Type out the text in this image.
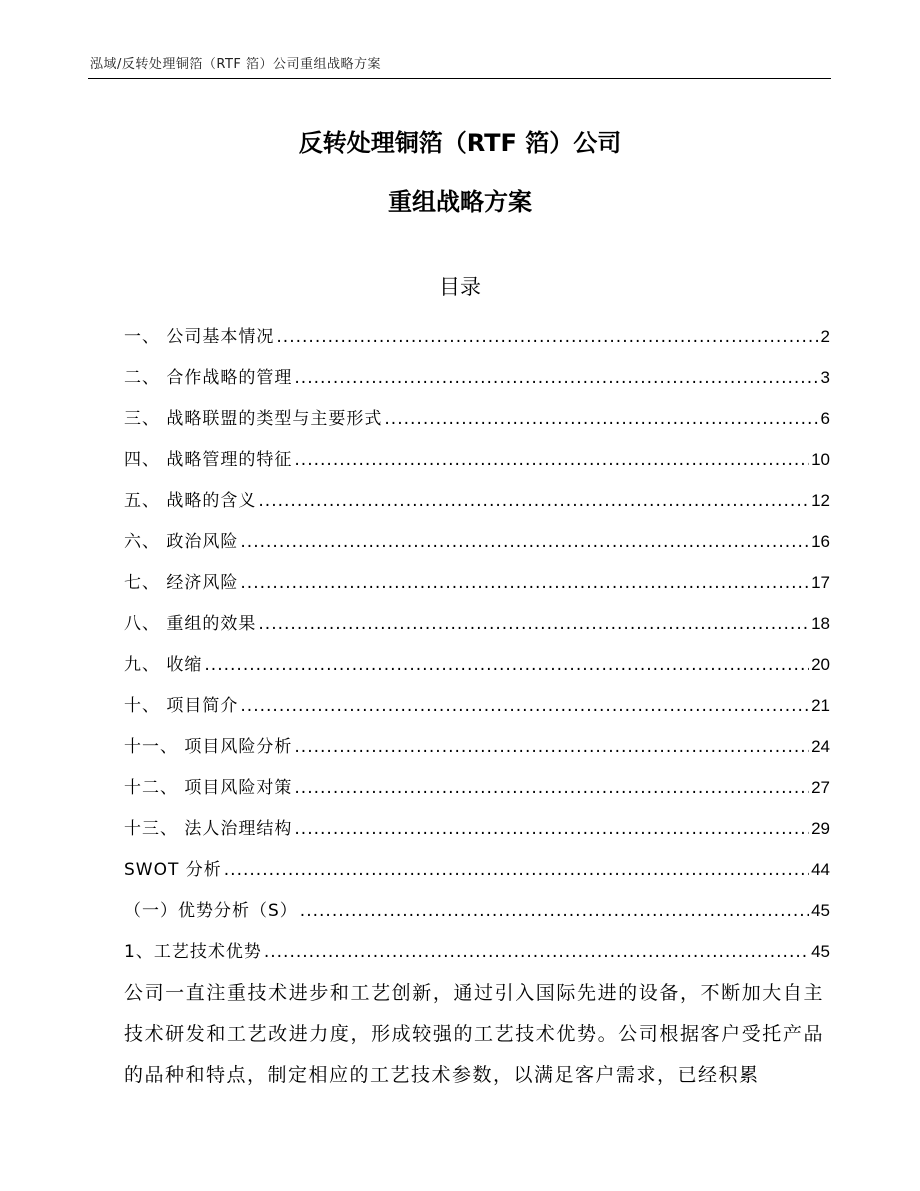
泓域/反转处理铜箔（RTF 箔）公司重组战略方案
反转处理铜箔（RTF 箔）公司
重组战略方案
目录
一、 公司基本情况 .....	2
二、 合作战略的管理 .....	3
三、 战略联盟的类型与主要形式 .....	6
四、 战略管理的特征 .....	10
五、 战略的含义 .....	12
六、 政治风险 .....	16
七、 经济风险 .....	17
八、 重组的效果 .....	18
九、 收缩 .....	20
十、 项目简介 .....	21
十一、 项目风险分析 .....	24
十二、 项目风险对策 .....	27
十三、 法人治理结构 .....	29
SWOT 分析 .....	44
（一）优势分析（S） .....	45
1、工艺技术优势 .....	45

公司一直注重技术进步和工艺创新，通过引入国际先进的设备，不断加大自主技术研发和工艺改进力度，形成较强的工艺技术优势。公司根据客户受托产品的品种和特点，制定相应的工艺技术参数，以满足客户需求，已经积累
